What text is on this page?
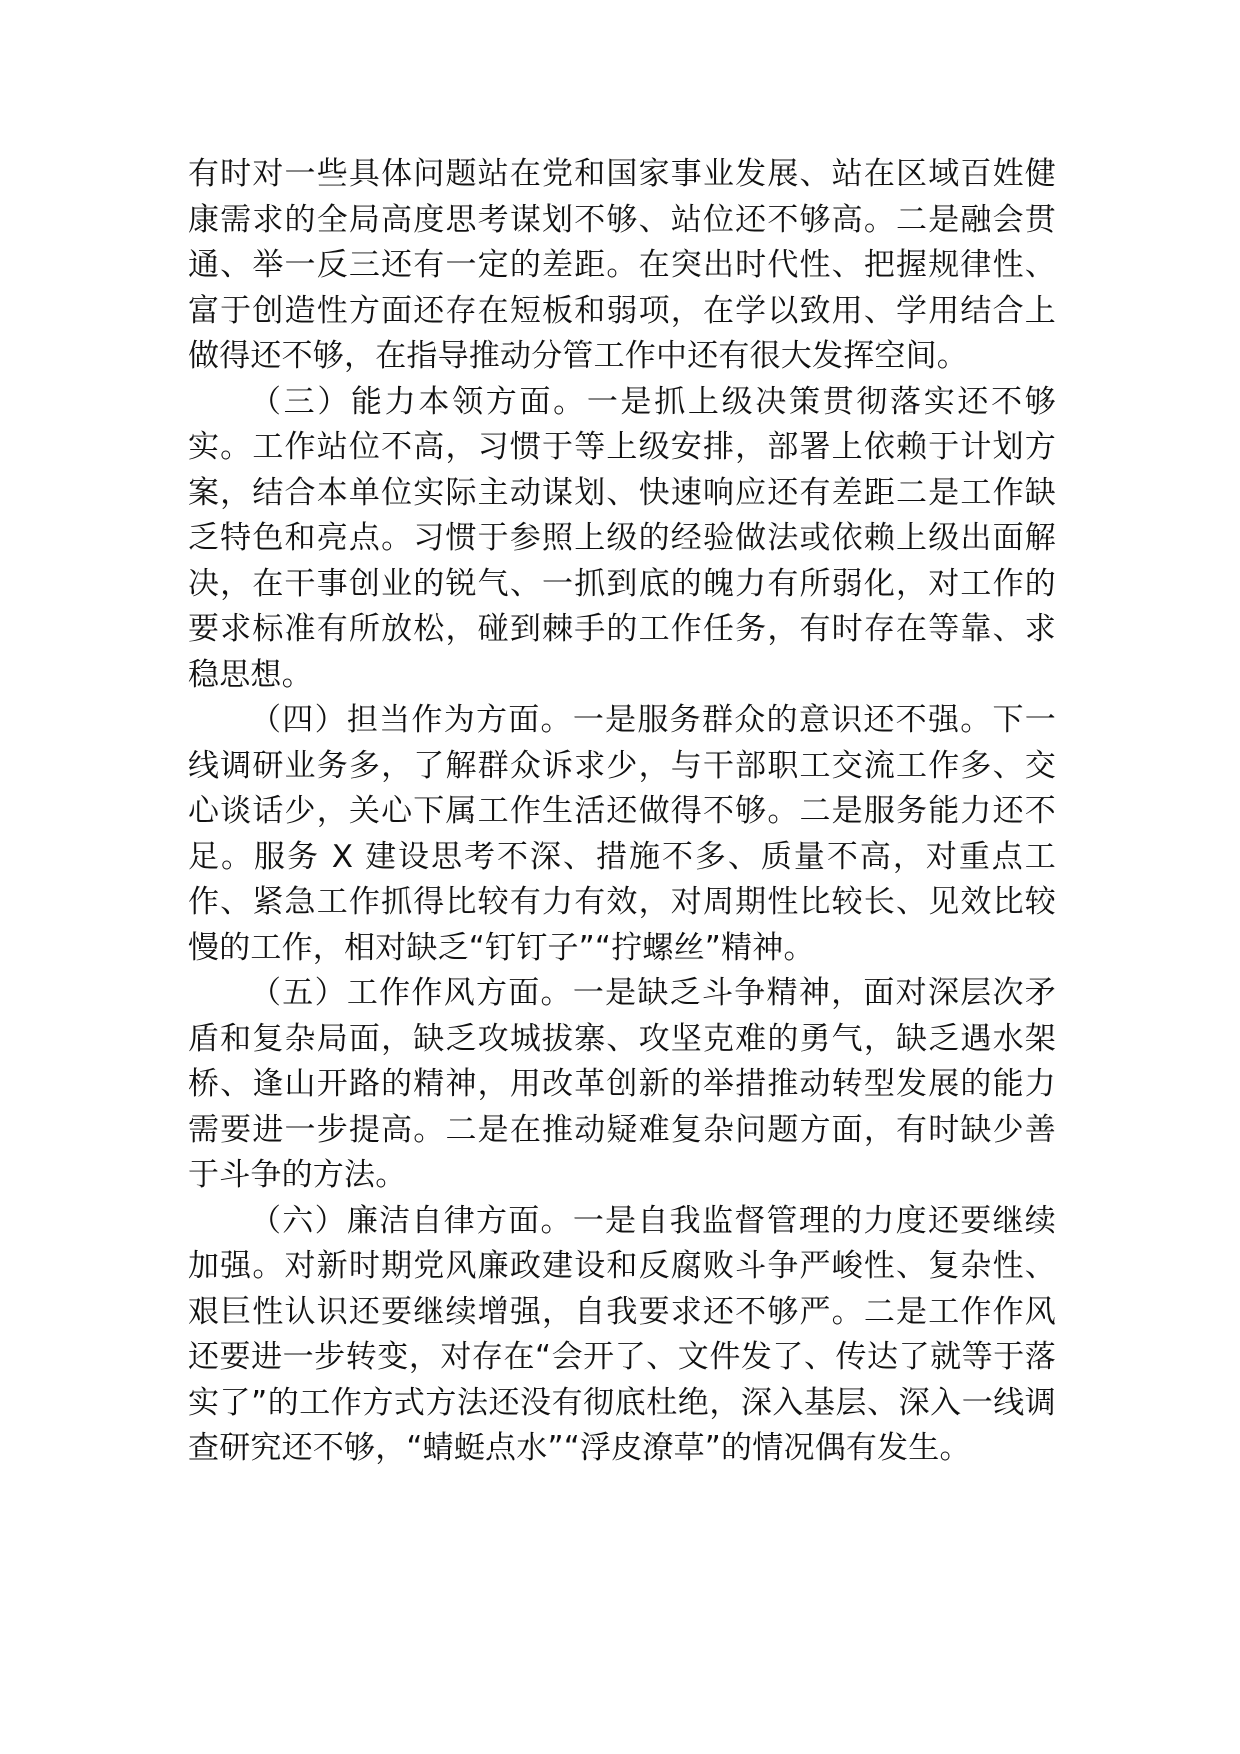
有时对一些具体问题站在党和国家事业发展、站在区域百姓健康需求的全局高度思考谋划不够、站位还不够高。二是融会贯通、举一反三还有一定的差距。在突出时代性、把握规律性、富于创造性方面还存在短板和弱项，在学以致用、学用结合上做得还不够，在指导推动分管工作中还有很大发挥空间。

（三）能力本领方面。一是抓上级决策贯彻落实还不够实。工作站位不高，习惯于等上级安排，部署上依赖于计划方案，结合本单位实际主动谋划、快速响应还有差距二是工作缺乏特色和亮点。习惯于参照上级的经验做法或依赖上级出面解决，在干事创业的锐气、一抓到底的魄力有所弱化，对工作的要求标准有所放松，碰到棘手的工作任务，有时存在等靠、求稳思想。

（四）担当作为方面。一是服务群众的意识还不强。下一线调研业务多，了解群众诉求少，与干部职工交流工作多、交心谈话少，关心下属工作生活还做得不够。二是服务能力还不足。服务 X 建设思考不深、措施不多、质量不高，对重点工作、紧急工作抓得比较有力有效，对周期性比较长、见效比较慢的工作，相对缺乏“钉钉子”“拧螺丝”精神。

（五）工作作风方面。一是缺乏斗争精神，面对深层次矛盾和复杂局面，缺乏攻城拔寨、攻坚克难的勇气，缺乏遇水架桥、逢山开路的精神，用改革创新的举措推动转型发展的能力需要进一步提高。二是在推动疑难复杂问题方面，有时缺少善于斗争的方法。

（六）廉洁自律方面。一是自我监督管理的力度还要继续加强。对新时期党风廉政建设和反腐败斗争严峻性、复杂性、艰巨性认识还要继续增强，自我要求还不够严。二是工作作风还要进一步转变，对存在“会开了、文件发了、传达了就等于落实了”的工作方式方法还没有彻底杜绝，深入基层、深入一线调查研究还不够，“蜻蜓点水”“浮皮潦草”的情况偶有发生。
